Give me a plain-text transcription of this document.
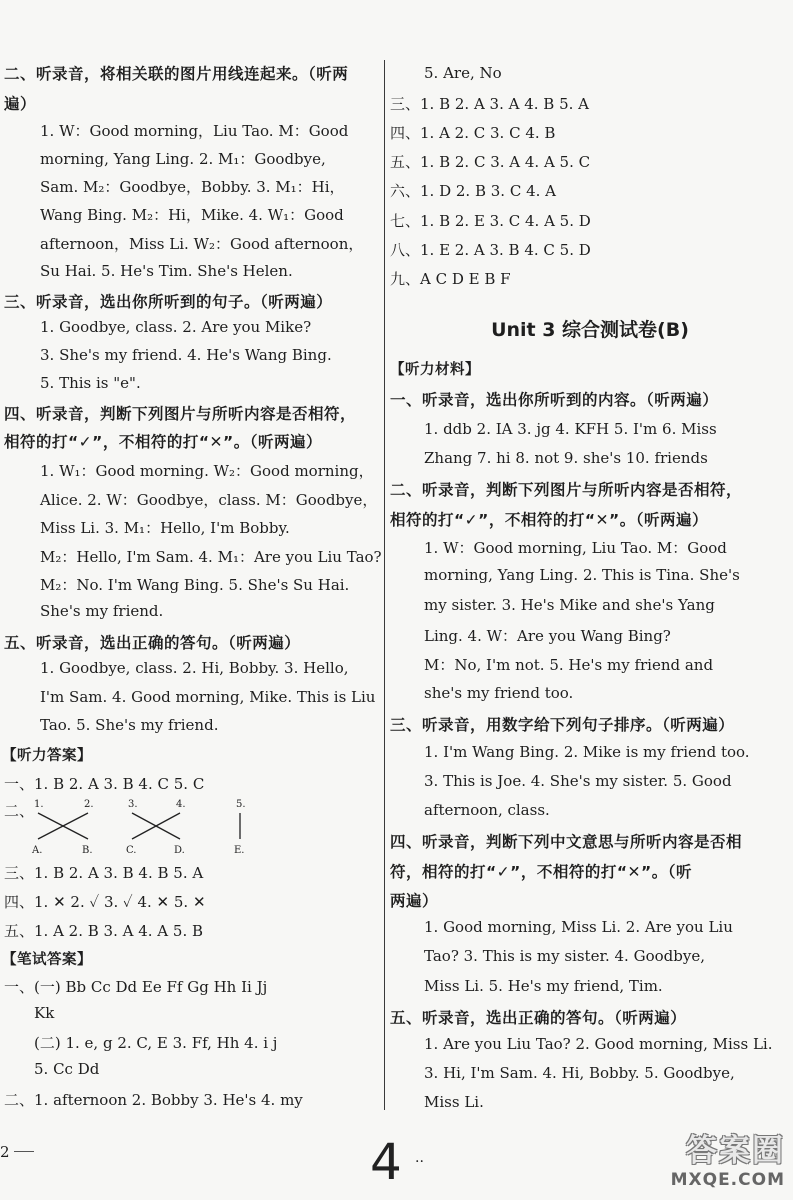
二、听录音，将相关联的图片用线连起来。（听两
遍）
1. W：Good morning，Liu Tao. M：Good
morning, Yang Ling. 2. M₁：Goodbye,
Sam. M₂：Goodbye，Bobby. 3. M₁：Hi，
Wang Bing. M₂：Hi，Mike. 4. W₁：Good
afternoon，Miss Li. W₂：Good afternoon，
Su Hai. 5. He's Tim. She's Helen.
三、听录音，选出你所听到的句子。（听两遍）
1. Goodbye, class. 2. Are you Mike?
3. She's my friend. 4. He's Wang Bing.
5. This is "e".
四、听录音，判断下列图片与所听内容是否相符，
相符的打“✓”，不相符的打“✕”。（听两遍）
1. W₁：Good morning. W₂：Good morning，
Alice. 2. W：Goodbye，class. M：Goodbye，
Miss Li. 3. M₁：Hello, I'm Bobby.
M₂：Hello, I'm Sam. 4. M₁：Are you Liu Tao?
M₂：No. I'm Wang Bing. 5. She's Su Hai.
She's my friend.
五、听录音，选出正确的答句。（听两遍）
1. Goodbye, class. 2. Hi, Bobby. 3. Hello,
I'm Sam. 4. Good morning, Mike. This is Liu
Tao. 5. She's my friend.
【听力答案】
一、1. B 2. A 3. B 4. C 5. C
二、
三、1. B 2. A 3. B 4. B 5. A
四、1. ✕ 2. ✓ 3. ✓ 4. ✕ 5. ✕
五、1. A 2. B 3. A 4. A 5. B
【笔试答案】
一、(一) Bb Cc Dd Ee Ff Gg Hh Ii Jj
Kk
(二) 1. e, g 2. C, E 3. Ff, Hh 4. i j
5. Cc Dd
二、1. afternoon 2. Bobby 3. He's 4. my
Unit 3 综合测试卷(B)
5. Are, No
三、1. B 2. A 3. A 4. B 5. A
四、1. A 2. C 3. C 4. B
五、1. B 2. C 3. A 4. A 5. C
六、1. D 2. B 3. C 4. A
七、1. B 2. E 3. C 4. A 5. D
八、1. E 2. A 3. B 4. C 5. D
九、A C D E B F
【听力材料】
一、听录音，选出你所听到的内容。（听两遍）
1. ddb 2. IA 3. jg 4. KFH 5. I'm 6. Miss
Zhang 7. hi 8. not 9. she's 10. friends
二、听录音，判断下列图片与所听内容是否相符，
相符的打“✓”，不相符的打“✕”。（听两遍）
1. W：Good morning, Liu Tao. M：Good
morning, Yang Ling. 2. This is Tina. She's
my sister. 3. He's Mike and she's Yang
Ling. 4. W：Are you Wang Bing?
M：No, I'm not. 5. He's my friend and
she's my friend too.
三、听录音，用数字给下列句子排序。（听两遍）
1. I'm Wang Bing. 2. Mike is my friend too.
3. This is Joe. 4. She's my sister. 5. Good
afternoon, class.
四、听录音，判断下列中文意思与所听内容是否相
符，相符的打“✓”，不相符的打“✕”。（听
两遍）
1. Good morning, Miss Li. 2. Are you Liu
Tao? 3. This is my sister. 4. Goodbye,
Miss Li. 5. He's my friend, Tim.
五、听录音，选出正确的答句。（听两遍）
1. Are you Liu Tao? 2. Good morning, Miss Li.
3. Hi, I'm Sam. 4. Hi, Bobby. 5. Goodbye,
Miss Li.
1.	2.	3.	4.	5.
A.	B.	C.	D.	E.
2	4 ..	答案圈
MXQE.COM
